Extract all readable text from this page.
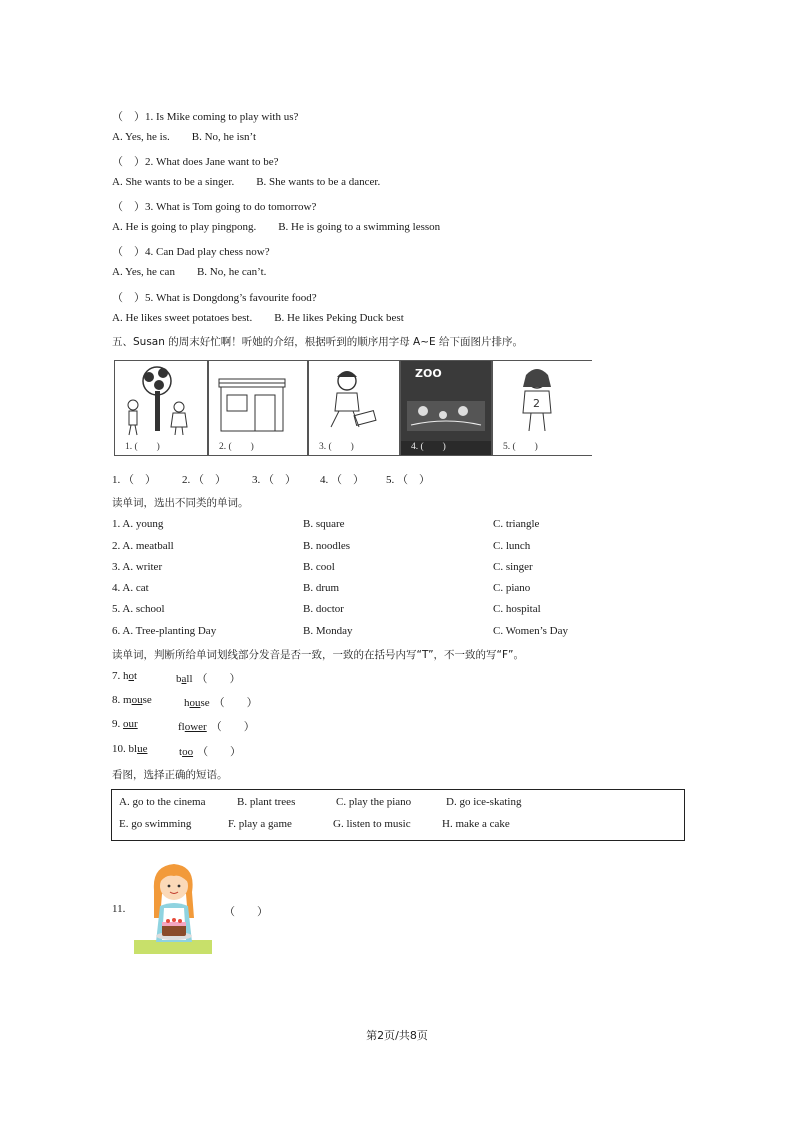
（　）1. Is Mike coming to play with us?
A. Yes, he is. B. No, he isn’t
（　）2. What does Jane want to be?
A. She wants to be a singer. B. She wants to be a dancer.
（　）3. What is Tom going to do tomorrow?
A. He is going to play pingpong. B. He is going to a swimming lesson
（　）4. Can Dad play chess now?
A. Yes, he can B. No, he can’t.
（　）5. What is Dongdong’s favourite food?
A. He likes sweet potatoes best. B. He likes Peking Duck best
五、Susan 的周末好忙啊！听她的介绍，根据听到的顺序用字母 A~E 给下面图片排序。
1. (　　)	2. (　　)	3. (　　)
ZOO
4. (　　)
2
5. (　　)
1. （　） 2. （　） 3. （　） 4. （　） 5. （　）
读单词，选出不同类的单词。
1. A. young	B. square	C. triangle
2. A. meatball	B. noodles	C. lunch
3. A. writer	B. cool	C. singer
4. A. cat	B. drum	C. piano
5. A. school	B. doctor	C. hospital
6. A. Tree-planting Day	B. Monday	C. Women’s Day
读单词，判断所给单词划线部分发音是否一致，一致的在括号内写“T”，不一致的写“F”。
7. hot	ball （　　）
8. mouse	house （　　）
9. our	flower （　　）
10. blue	too （　　）
看图，选择正确的短语。
A. go to the cinema	B. plant trees	C. play the piano	D. go ice-skating
E. go swimming	F. play a game	G. listen to music	H. make a cake
11.	（　　）
第2页/共8页
